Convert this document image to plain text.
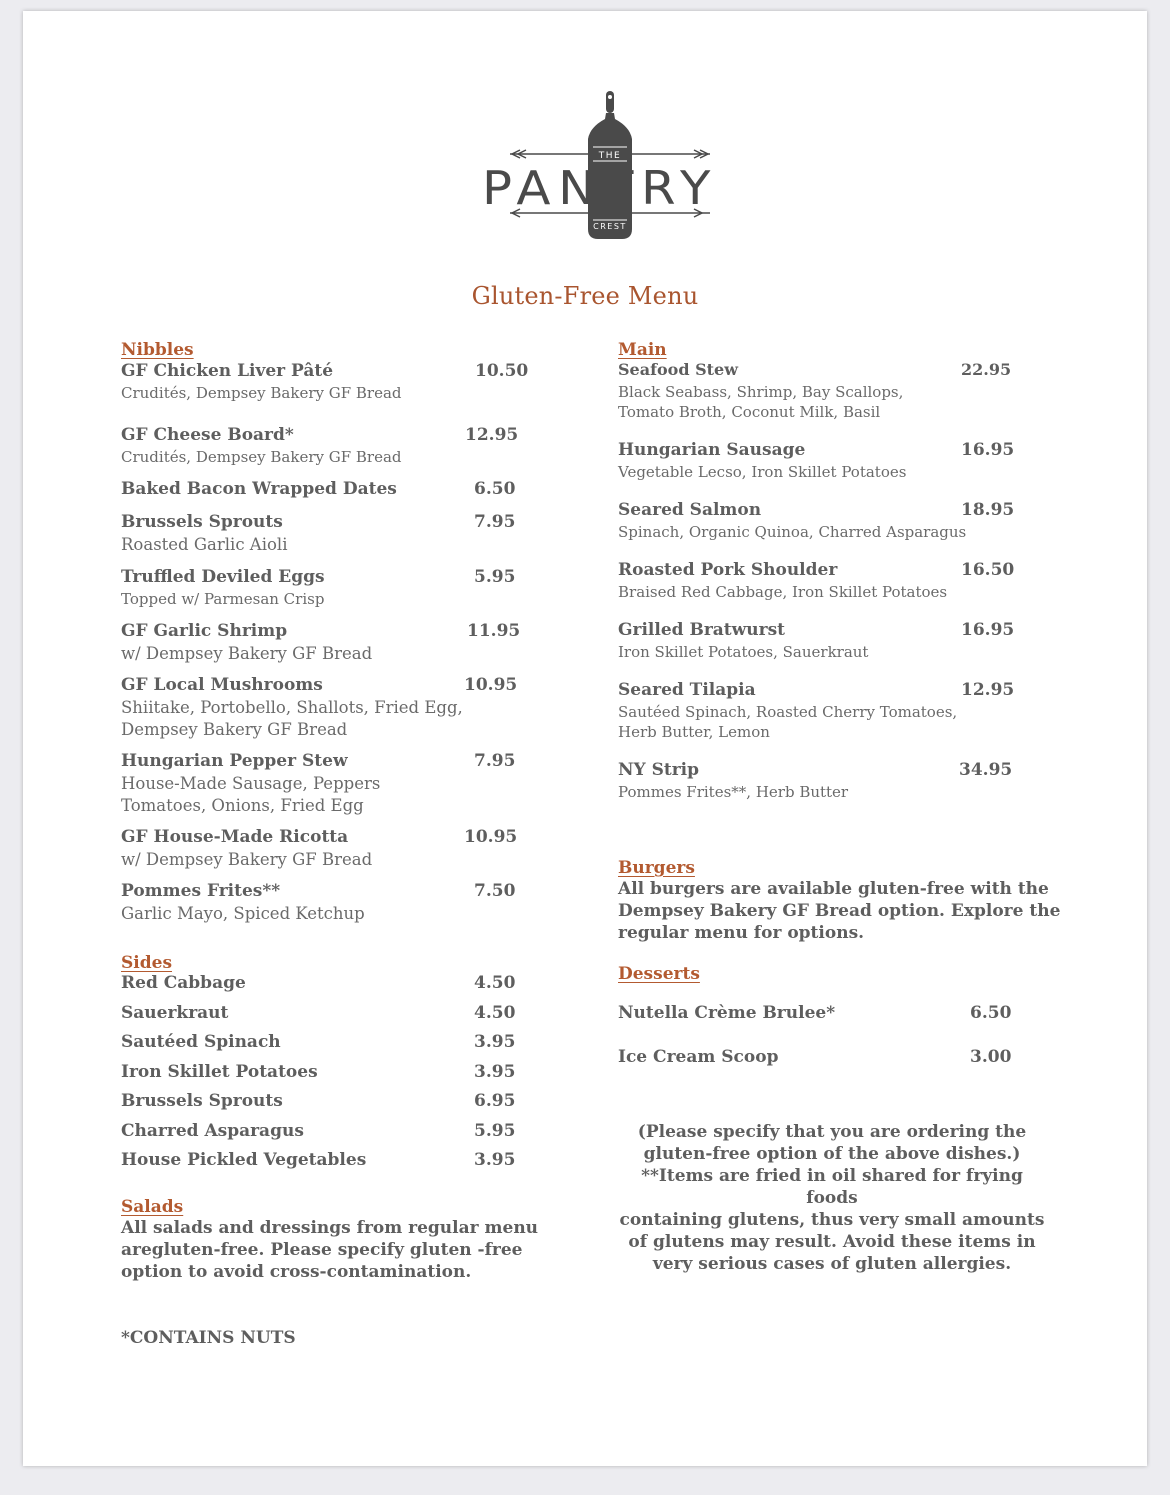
THE
CREST
PANTRY
Gluten-Free Menu
Nibbles
GF Chicken Liver Pâté	10.50
Crudités, Dempsey Bakery GF Bread
GF Cheese Board*	12.95
Crudités, Dempsey Bakery GF Bread
Baked Bacon Wrapped Dates	6.50
Brussels Sprouts	7.95
Roasted Garlic Aioli
Truffled Deviled Eggs	5.95
Topped w/ Parmesan Crisp
GF Garlic Shrimp	11.95
w/ Dempsey Bakery GF Bread
GF Local Mushrooms	10.95
Shiitake, Portobello, Shallots, Fried Egg,
Dempsey Bakery GF Bread
Hungarian Pepper Stew	7.95
House-Made Sausage, Peppers
Tomatoes, Onions, Fried Egg
GF House-Made Ricotta	10.95
w/ Dempsey Bakery GF Bread
Pommes Frites**	7.50
Garlic Mayo, Spiced Ketchup
Sides
Red Cabbage	4.50
Sauerkraut	4.50
Sautéed Spinach	3.95
Iron Skillet Potatoes	3.95
Brussels Sprouts	6.95
Charred Asparagus	5.95
House Pickled Vegetables	3.95
Salads
All salads and dressings from regular menu
aregluten-free. Please specify gluten -free
option to avoid cross-contamination.
*CONTAINS NUTS
Main
Seafood Stew	22.95
Black Seabass, Shrimp, Bay Scallops,
Tomato Broth, Coconut Milk, Basil
Hungarian Sausage	16.95
Vegetable Lecso, Iron Skillet Potatoes
Seared Salmon	18.95
Spinach, Organic Quinoa, Charred Asparagus
Roasted Pork Shoulder	16.50
Braised Red Cabbage, Iron Skillet Potatoes
Grilled Bratwurst	16.95
Iron Skillet Potatoes, Sauerkraut
Seared Tilapia	12.95
Sautéed Spinach, Roasted Cherry Tomatoes,
Herb Butter, Lemon
NY Strip	34.95
Pommes Frites**, Herb Butter
Burgers
All burgers are available gluten-free with the
Dempsey Bakery GF Bread option. Explore the
regular menu for options.
Desserts
Nutella Crème Brulee*	6.50
Ice Cream Scoop	3.00
(Please specify that you are ordering the
gluten-free option of the above dishes.)
**Items are fried in oil shared for frying foods
containing glutens, thus very small amounts
of glutens may result. Avoid these items in
very serious cases of gluten allergies.
